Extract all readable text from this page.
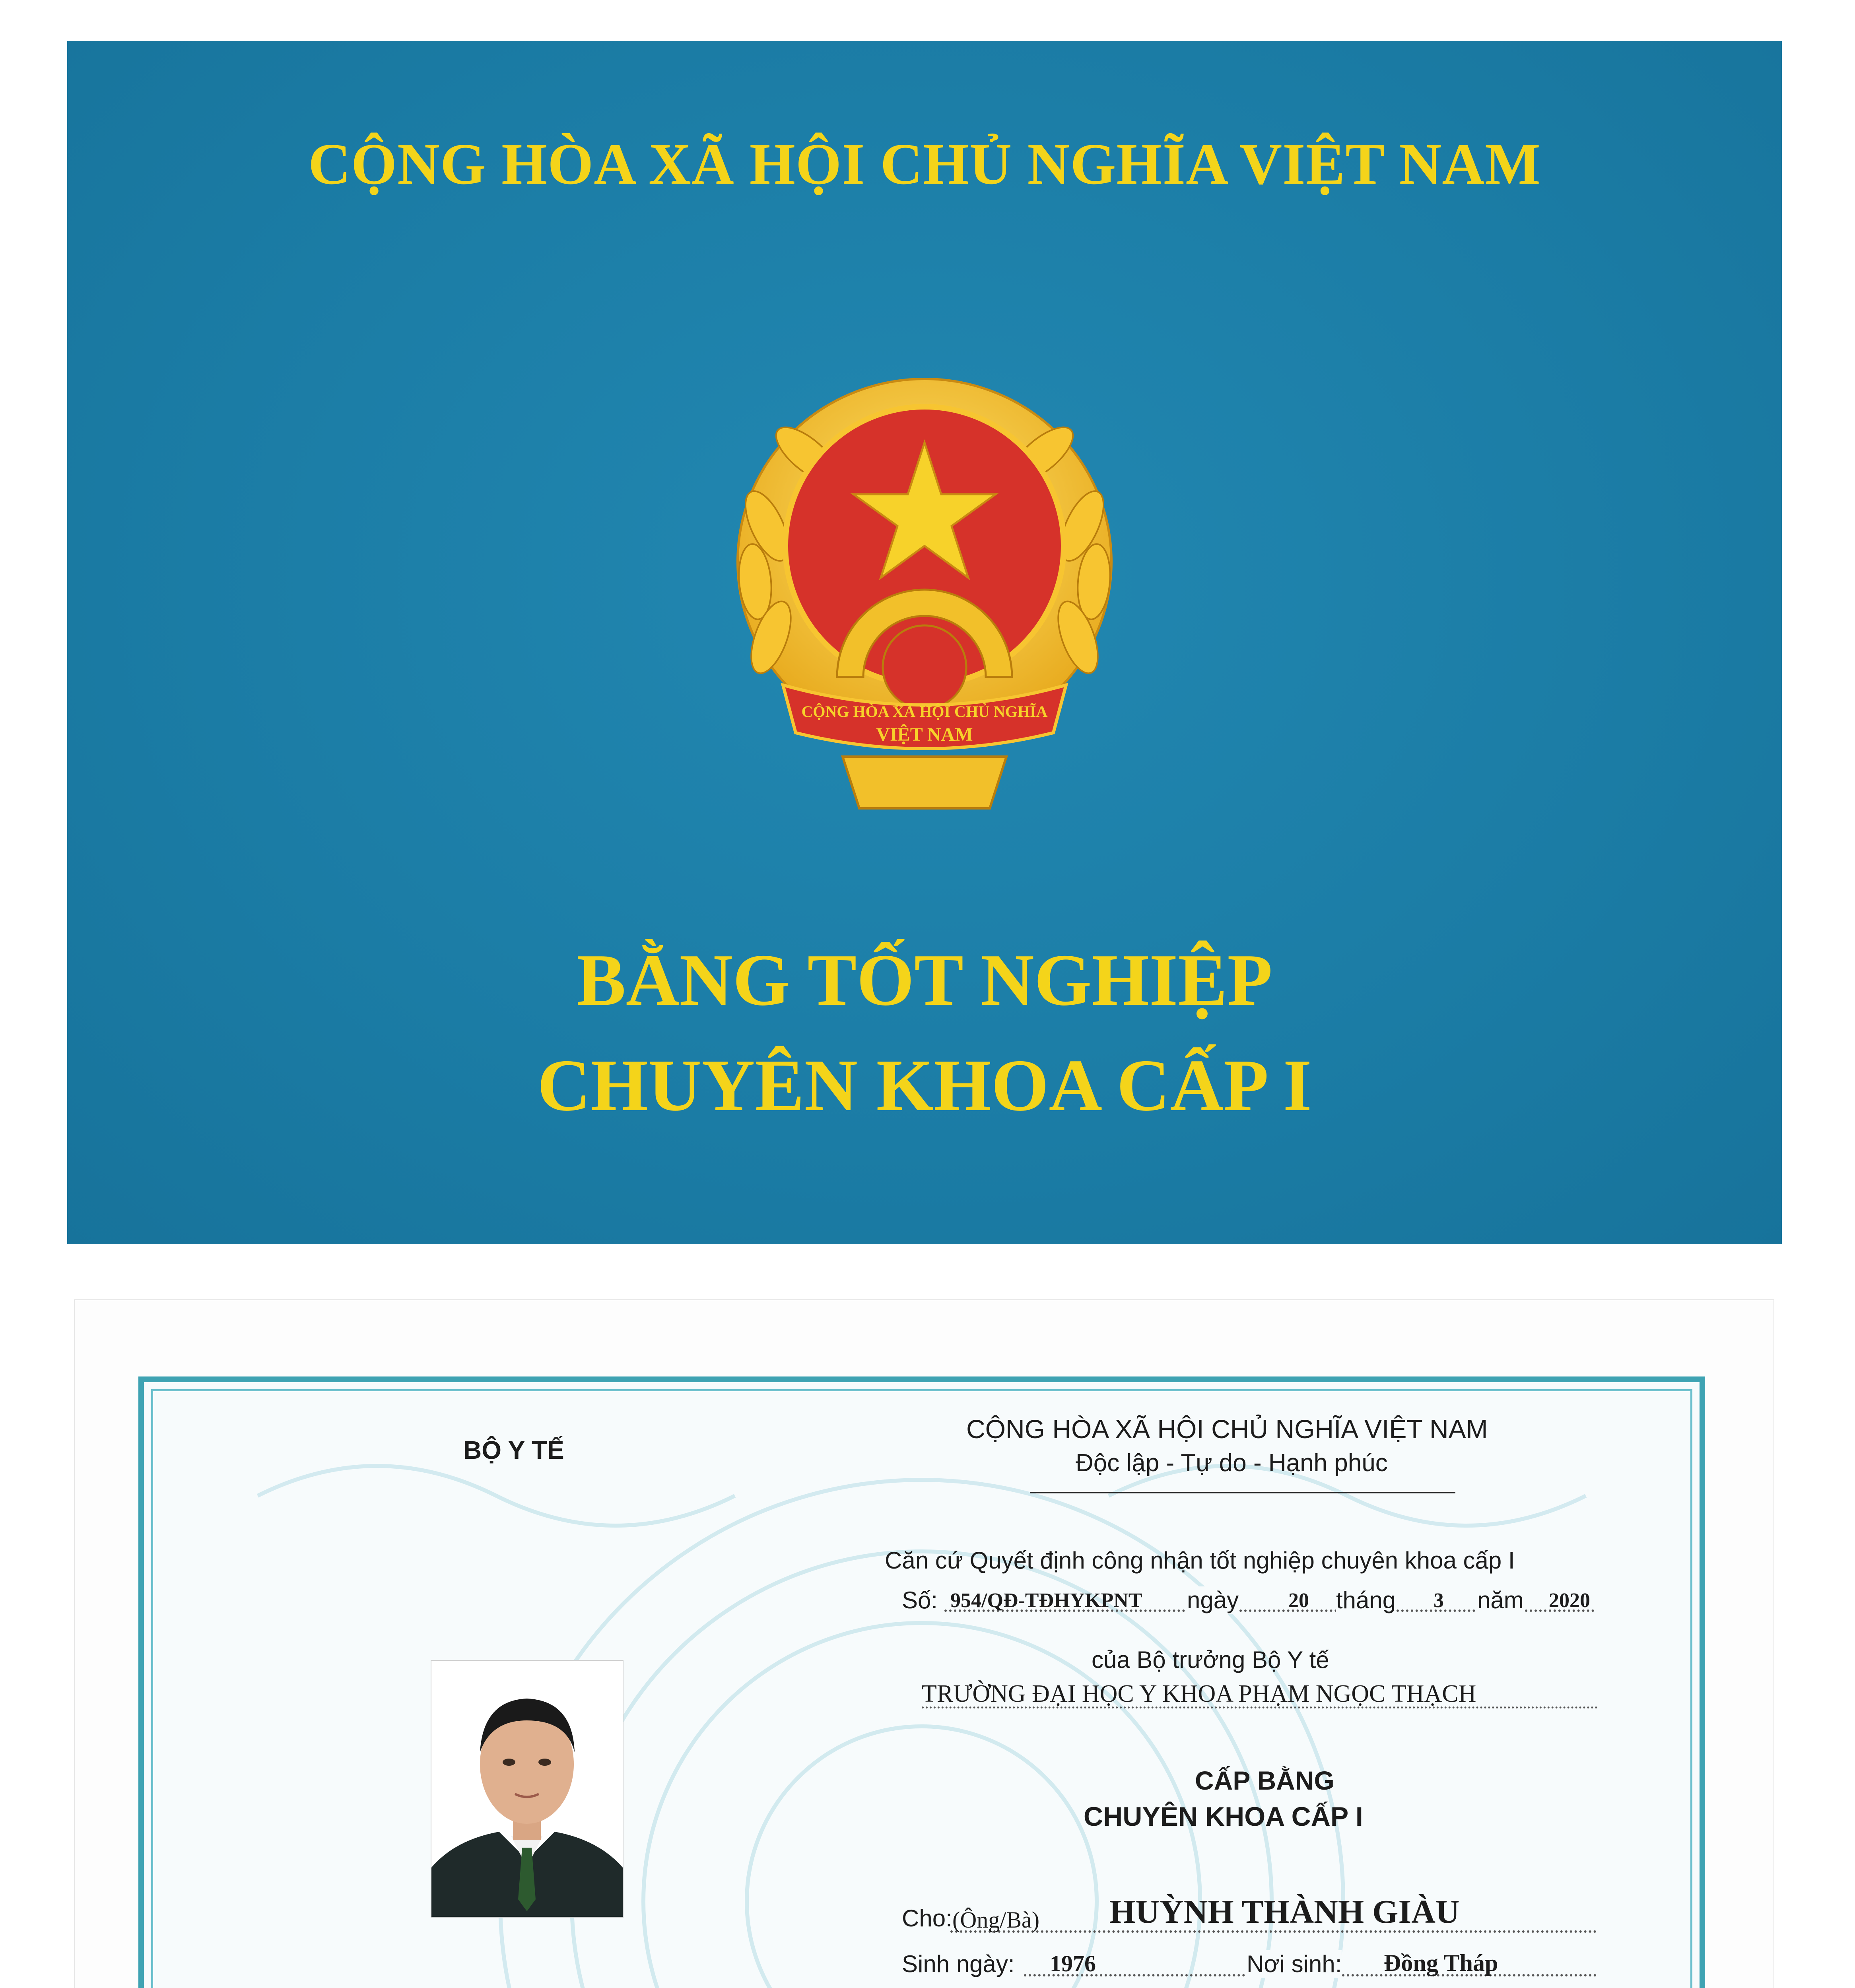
CỘNG HÒA XÃ HỘI CHỦ NGHĨA VIỆT NAM
CỘNG HÒA XÃ HỘI CHỦ NGHĨA
VIỆT NAM
BẰNG TỐT NGHIỆP
CHUYÊN KHOA CẤP I
BỘ Y TẾ
CỘNG HÒA XÃ HỘI CHỦ NGHĨA VIỆT NAM
Độc lập - Tự do - Hạnh phúc
Căn cứ Quyết định công nhận tốt nghiệp chuyên khoa cấp I
Số: 954/QĐ-TĐHYKPNT ngày 20 tháng 3 năm 2020
của Bộ trưởng Bộ Y tế
TRƯỜNG ĐẠI HỌC Y KHOA PHẠM NGỌC THẠCH
CẤP BẰNG
CHUYÊN KHOA CẤP I
Cho: (Ông/Bà) HUỲNH THÀNH GIÀU
Sinh ngày: 1976	Nơi sinh: Đồng Tháp
